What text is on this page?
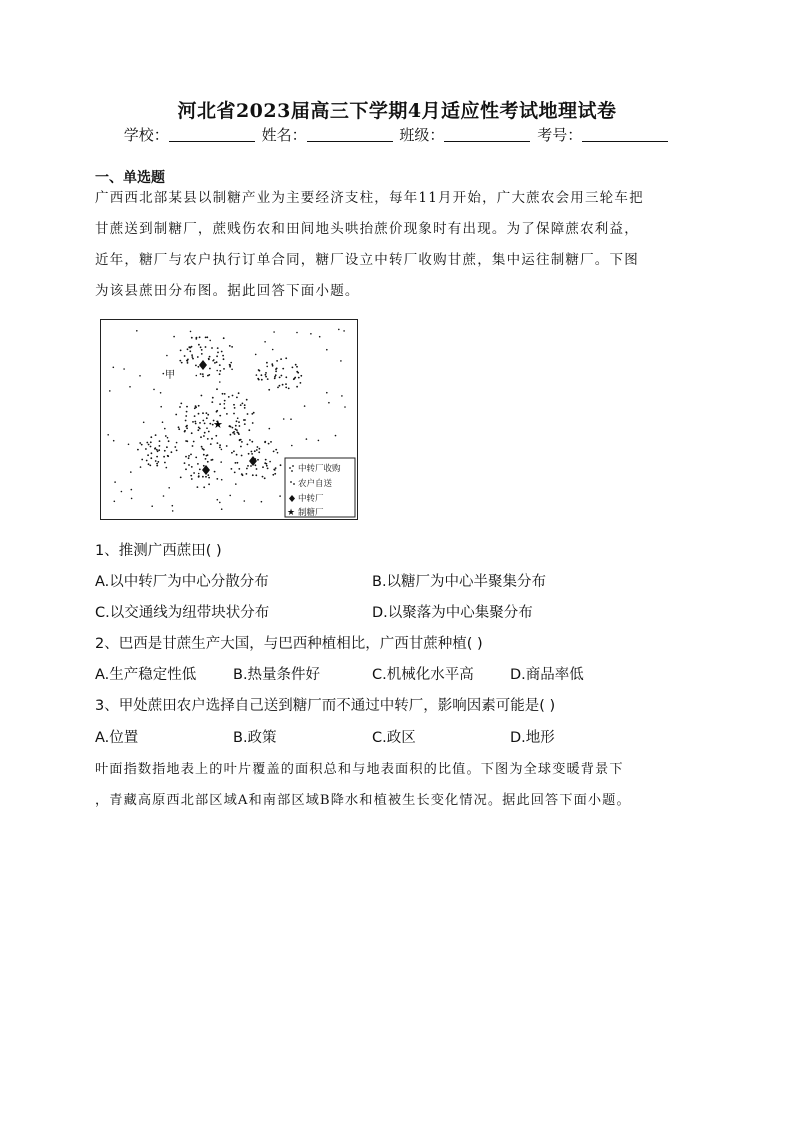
河北省2023届高三下学期4月适应性考试地理试卷
学校：	姓名：	班级：	考号：
一、单选题
广西西北部某县以制糖产业为主要经济支柱，每年11月开始，广大蔗农会用三轮车把
甘蔗送到制糖厂，蔗贱伤农和田间地头哄抬蔗价现象时有出现。为了保障蔗农利益，
近年，糖厂与农户执行订单合同，糖厂设立中转厂收购甘蔗，集中运往制糖厂。下图
为该县蔗田分布图。据此回答下面小题。
甲
★
中转厂收购
农户自送
中转厂
★ 制糖厂
1、推测广西蔗田( )
A.以中转厂为中心分散分布	B.以糖厂为中心半聚集分布
C.以交通线为纽带块状分布	D.以聚落为中心集聚分布
2、巴西是甘蔗生产大国，与巴西种植相比，广西甘蔗种植( )
A.生产稳定性低	B.热量条件好	C.机械化水平高	D.商品率低
3、甲处蔗田农户选择自己送到糖厂而不通过中转厂，影响因素可能是( )
A.位置	B.政策	C.政区	D.地形
叶面指数指地表上的叶片覆盖的面积总和与地表面积的比值。下图为全球变暖背景下
，青藏高原西北部区域A和南部区域B降水和植被生长变化情况。据此回答下面小题。
